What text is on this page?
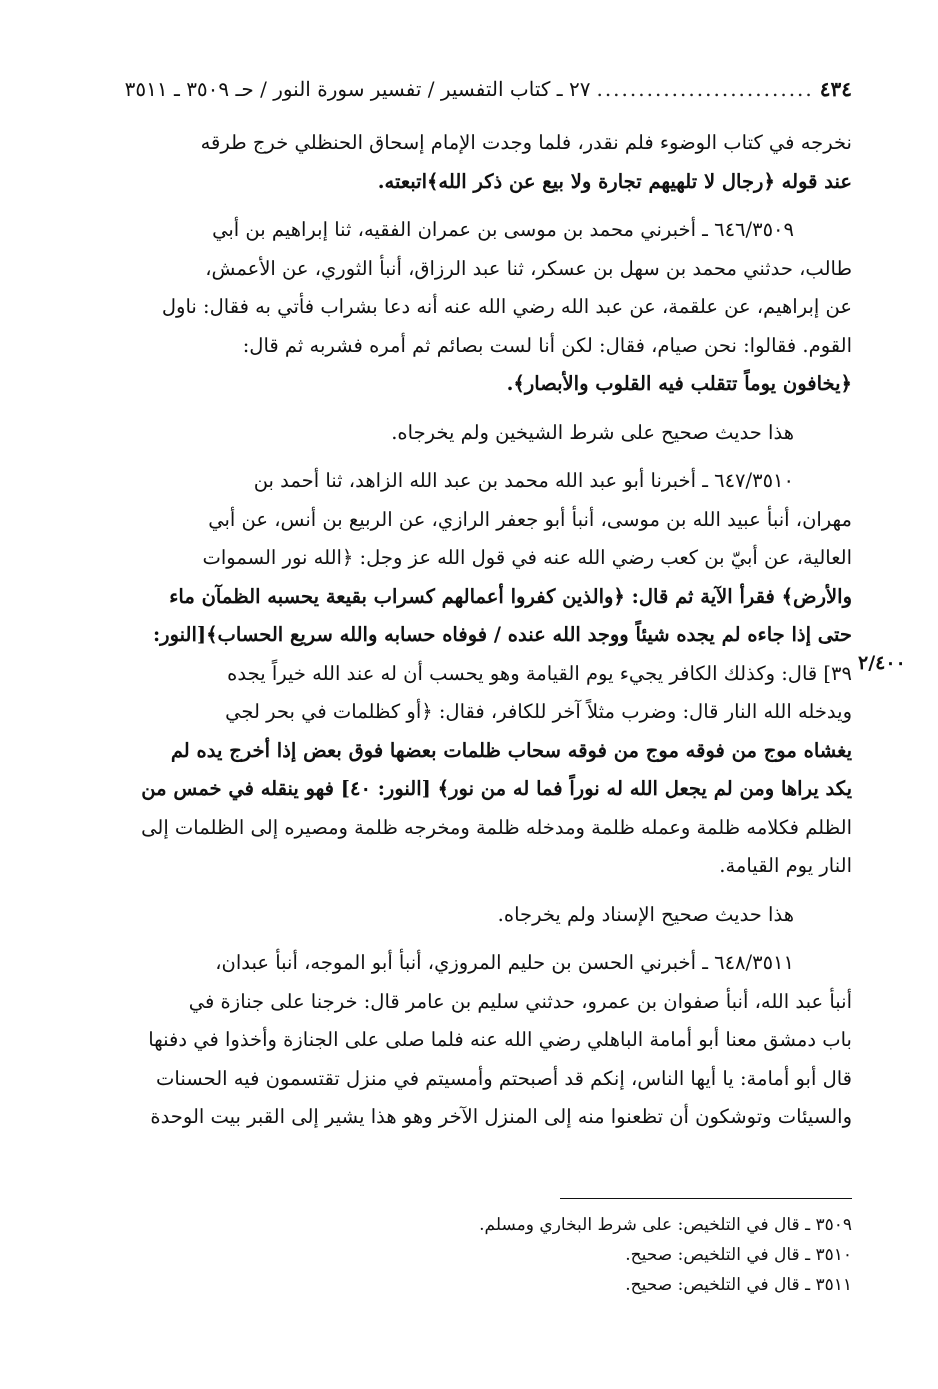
٤٣٤
..........................
٢٧ ـ كتاب التفسير / تفسير سورة النور / حـ ٣٥٠٩ ـ ٣٥١١
٢/٤٠٠
نخرجه في كتاب الوضوء فلم نقدر، فلما وجدت الإمام إسحاق الحنظلي خرج طرقه
عند قوله ﴿رجال لا تلهيهم تجارة ولا بيع عن ذكر الله﴾اتبعته.
٦٤٦/٣٥٠٩ ـ أخبرني محمد بن موسى بن عمران الفقيه، ثنا إبراهيم بن أبي
طالب، حدثني محمد بن سهل بن عسكر، ثنا عبد الرزاق، أنبأ الثوري، عن الأعمش،
عن إبراهيم، عن علقمة، عن عبد الله رضي الله عنه أنه دعا بشراب فأتي به فقال: ناول
القوم. فقالوا: نحن صيام، فقال: لكن أنا لست بصائم ثم أمره فشربه ثم قال:
﴿يخافون يوماً تتقلب فيه القلوب والأبصار﴾.
هذا حديث صحيح على شرط الشيخين ولم يخرجاه.
٦٤٧/٣٥١٠ ـ أخبرنا أبو عبد الله محمد بن عبد الله الزاهد، ثنا أحمد بن
مهران، أنبأ عبيد الله بن موسى، أنبأ أبو جعفر الرازي، عن الربيع بن أنس، عن أبي
العالية، عن أبيّ بن كعب رضي الله عنه في قول الله عز وجل: ﴿الله نور السموات
والأرض﴾ فقرأ الآية ثم قال: ﴿والذين كفروا أعمالهم كسراب بقيعة يحسبه الظمآن ماء
حتى إذا جاءه لم يجده شيئاً ووجد الله عنده / فوفاه حسابه والله سريع الحساب﴾[النور:
٣٩] قال: وكذلك الكافر يجيء يوم القيامة وهو يحسب أن له عند الله خيراً يجده
ويدخله الله النار قال: وضرب مثلاً آخر للكافر، فقال: ﴿أو كظلمات في بحر لجي
يغشاه موج من فوقه موج من فوقه سحاب ظلمات بعضها فوق بعض إذا أخرج يده لم
يكد يراها ومن لم يجعل الله له نوراً فما له من نور﴾ [النور: ٤٠] فهو ينقله في خمس من
الظلم فكلامه ظلمة وعمله ظلمة ومدخله ظلمة ومخرجه ظلمة ومصيره إلى الظلمات إلى
النار يوم القيامة.
هذا حديث صحيح الإسناد ولم يخرجاه.
٦٤٨/٣٥١١ ـ أخبرني الحسن بن حليم المروزي، أنبأ أبو الموجه، أنبأ عبدان،
أنبأ عبد الله، أنبأ صفوان بن عمرو، حدثني سليم بن عامر قال: خرجنا على جنازة في
باب دمشق معنا أبو أمامة الباهلي رضي الله عنه فلما صلى على الجنازة وأخذوا في دفنها
قال أبو أمامة: يا أيها الناس، إنكم قد أصبحتم وأمسيتم في منزل تقتسمون فيه الحسنات
والسيئات وتوشكون أن تظعنوا منه إلى المنزل الآخر وهو هذا يشير إلى القبر بيت الوحدة
٣٥٠٩ ـ قال في التلخيص: على شرط البخاري ومسلم.
٣٥١٠ ـ قال في التلخيص: صحيح.
٣٥١١ ـ قال في التلخيص: صحيح.
